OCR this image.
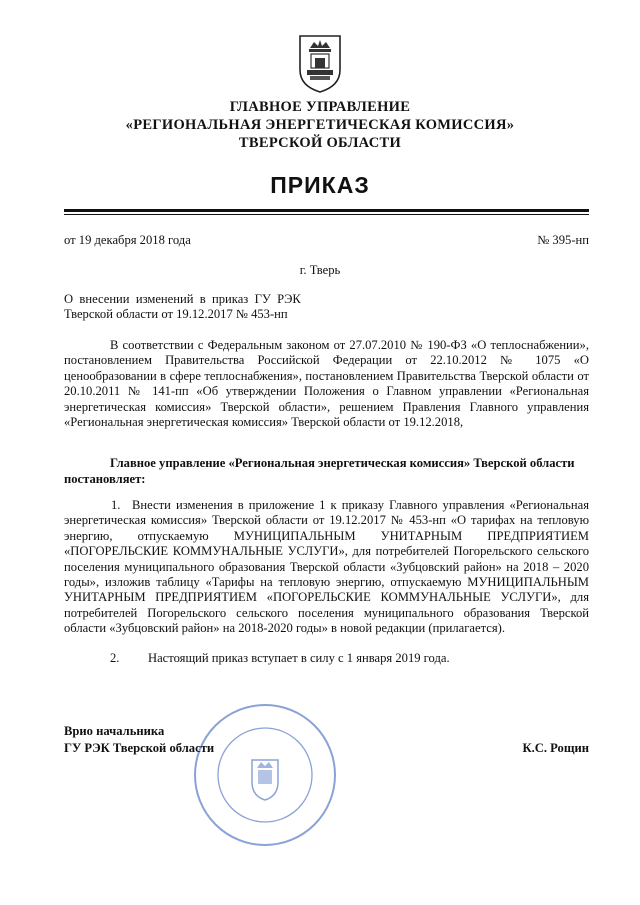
ГЛАВНОЕ УПРАВЛЕНИЕ
«РЕГИОНАЛЬНАЯ ЭНЕРГЕТИЧЕСКАЯ КОМИССИЯ»
ТВЕРСКОЙ ОБЛАСТИ
ПРИКАЗ
от 19 декабря 2018 года	№ 395-нп
г. Тверь
О  внесении  изменений  в  приказ  ГУ  РЭК
Тверской области от 19.12.2017 № 453-нп
В соответствии с Федеральным законом от 27.07.2010 № 190-ФЗ «О теплоснабжении», постановлением Правительства Российской Федерации от 22.10.2012 № 1075 «О ценообразовании в сфере теплоснабжения», постановлением Правительства Тверской области от 20.10.2011 № 141-пп «Об утверждении Положения о Главном управлении «Региональная энергетическая комиссия» Тверской области», решением Правления Главного управления «Региональная энергетическая комиссия» Тверской области от 19.12.2018,
Главное управление «Региональная энергетическая комиссия» Тверской области
постановляет:
1. Внести изменения в приложение 1 к приказу Главного управления «Региональная энергетическая комиссия» Тверской области от 19.12.2017 № 453-нп «О тарифах на тепловую энергию, отпускаемую МУНИЦИПАЛЬНЫМ УНИТАРНЫМ ПРЕДПРИЯТИЕМ «ПОГОРЕЛЬСКИЕ КОММУНАЛЬНЫЕ УСЛУГИ», для потребителей Погорельского сельского поселения муниципального образования Тверской области «Зубцовский район» на 2018 – 2020 годы», изложив таблицу «Тарифы на тепловую энергию, отпускаемую МУНИЦИПАЛЬНЫМ УНИТАРНЫМ ПРЕДПРИЯТИЕМ «ПОГОРЕЛЬСКИЕ КОММУНАЛЬНЫЕ УСЛУГИ», для потребителей Погорельского сельского поселения муниципального образования Тверской области «Зубцовский район» на 2018-2020 годы» в новой редакции (прилагается).
2. Настоящий приказ вступает в силу с 1 января 2019 года.
Врио начальника
ГУ РЭК Тверской области	К.С. Рощин
